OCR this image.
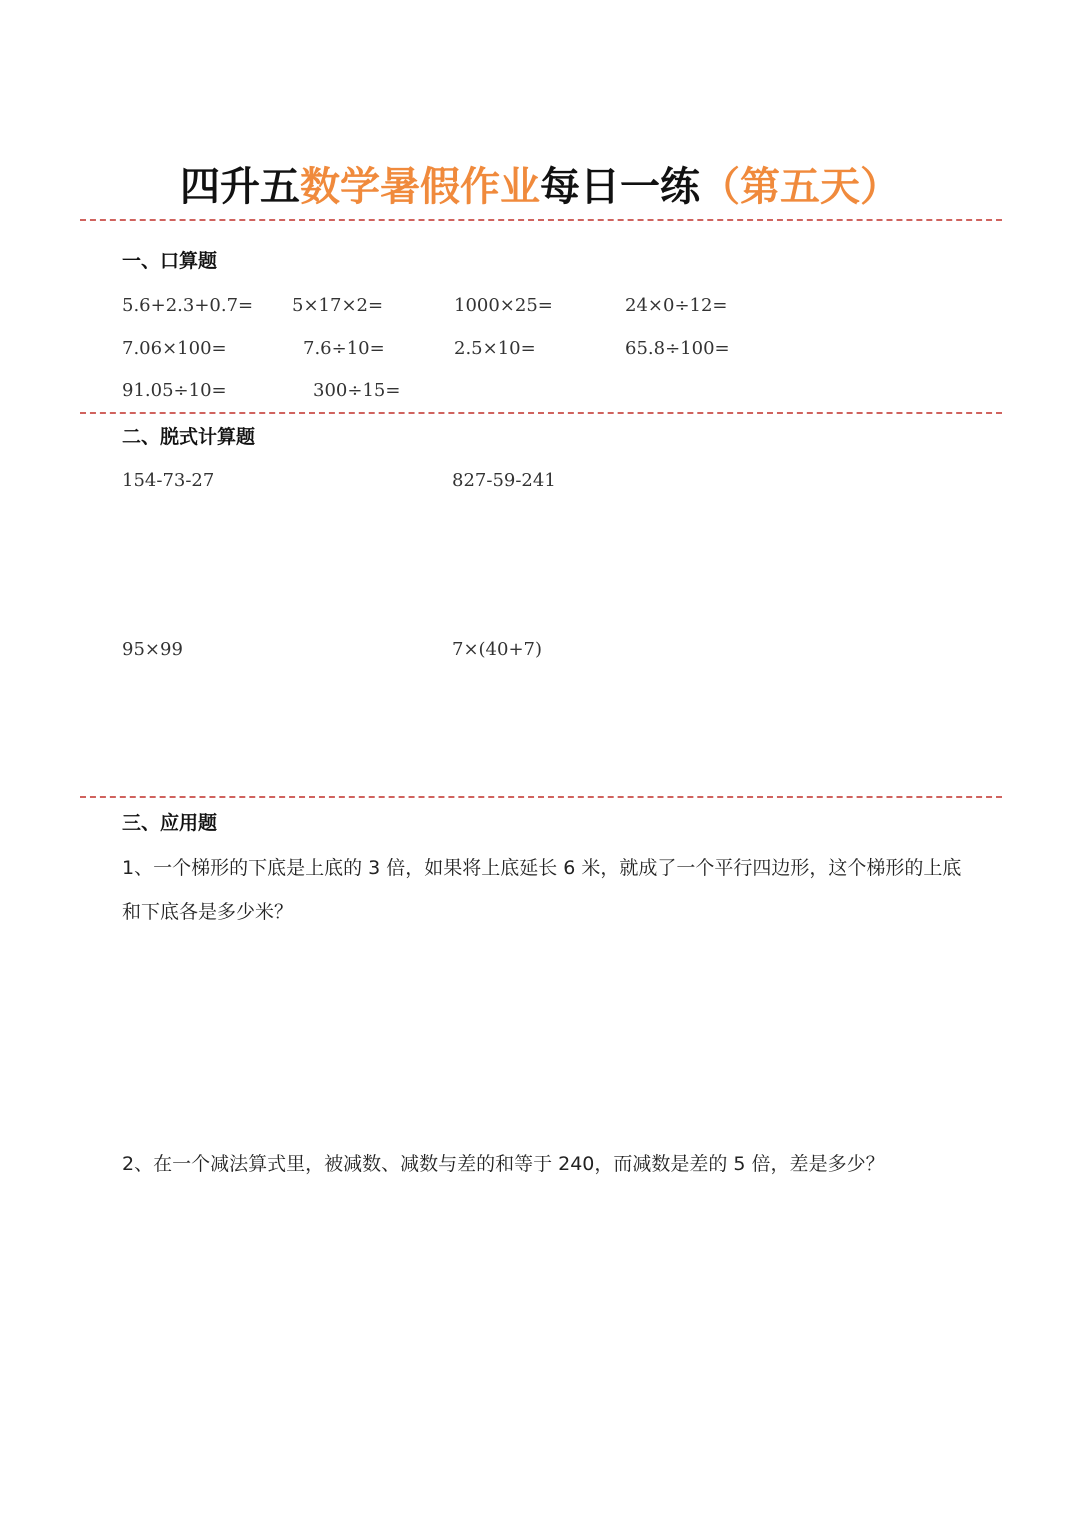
四升五数学暑假作业每日一练（第五天）
一、口算题
5.6+2.3+0.7= 5×17×2=	1000×25=	24×0÷12=
7.06×100=	7.6÷10=	2.5×10=	65.8÷100=
91.05÷10=	300÷15=
二、脱式计算题
154-73-27	827-59-241
95×99	7×(40+7)
三、应用题
1、一个梯形的下底是上底的 3 倍，如果将上底延长 6 米，就成了一个平行四边形，这个梯形的上底和下底各是多少米？
2、在一个减法算式里，被减数、减数与差的和等于 240，而减数是差的 5 倍，差是多少？
